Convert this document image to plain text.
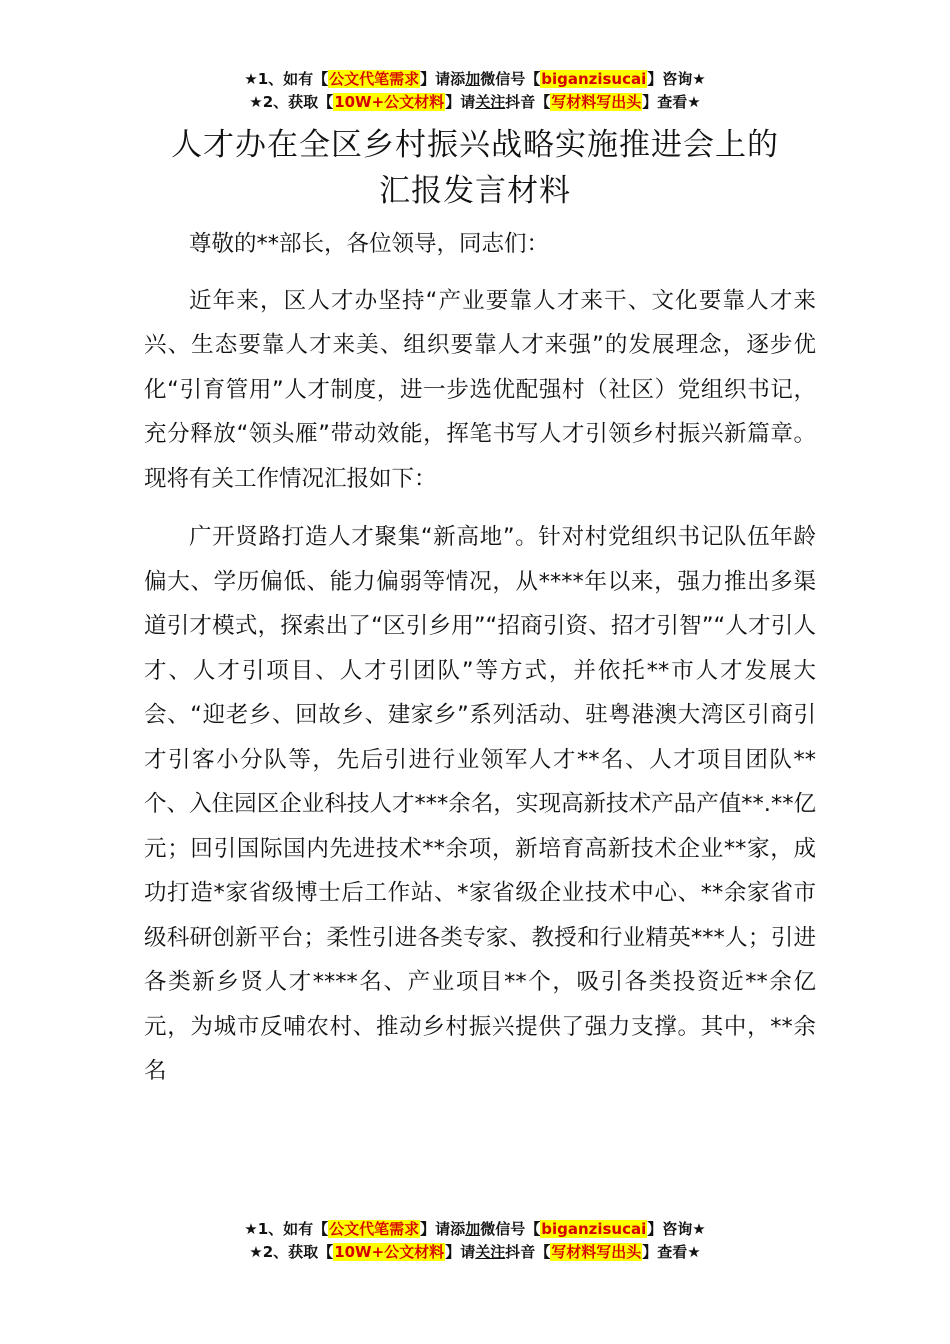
★1、如有【公文代笔需求】请添加微信号【biganzisucai】咨询★
★2、获取【10W+公文材料】请关注抖音【写材料写出头】查看★
人才办在全区乡村振兴战略实施推进会上的
汇报发言材料

尊敬的**部长，各位领导，同志们：

近年来，区人才办坚持“产业要靠人才来干、文化要靠人才来兴、生态要靠人才来美、组织要靠人才来强”的发展理念，逐步优化“引育管用”人才制度，进一步选优配强村（社区）党组织书记，充分释放“领头雁”带动效能，挥笔书写人才引领乡村振兴新篇章。现将有关工作情况汇报如下：

广开贤路打造人才聚集“新高地”。针对村党组织书记队伍年龄偏大、学历偏低、能力偏弱等情况，从****年以来，强力推出多渠道引才模式，探索出了“区引乡用”“招商引资、招才引智”“人才引人才、人才引项目、人才引团队”等方式，并依托**市人才发展大会、“迎老乡、回故乡、建家乡”系列活动、驻粤港澳大湾区引商引才引客小分队等，先后引进行业领军人才**名、人才项目团队**个、入住园区企业科技人才***余名，实现高新技术产品产值**.**亿元；回引国际国内先进技术**余项，新培育高新技术企业**家，成功打造*家省级博士后工作站、*家省级企业技术中心、**余家省市级科研创新平台；柔性引进各类专家、教授和行业精英***人；引进各类新乡贤人才****名、产业项目**个，吸引各类投资近**余亿元，为城市反哺农村、推动乡村振兴提供了强力支撑。其中，**余名

★1、如有【公文代笔需求】请添加微信号【biganzisucai】咨询★
★2、获取【10W+公文材料】请关注抖音【写材料写出头】查看★
